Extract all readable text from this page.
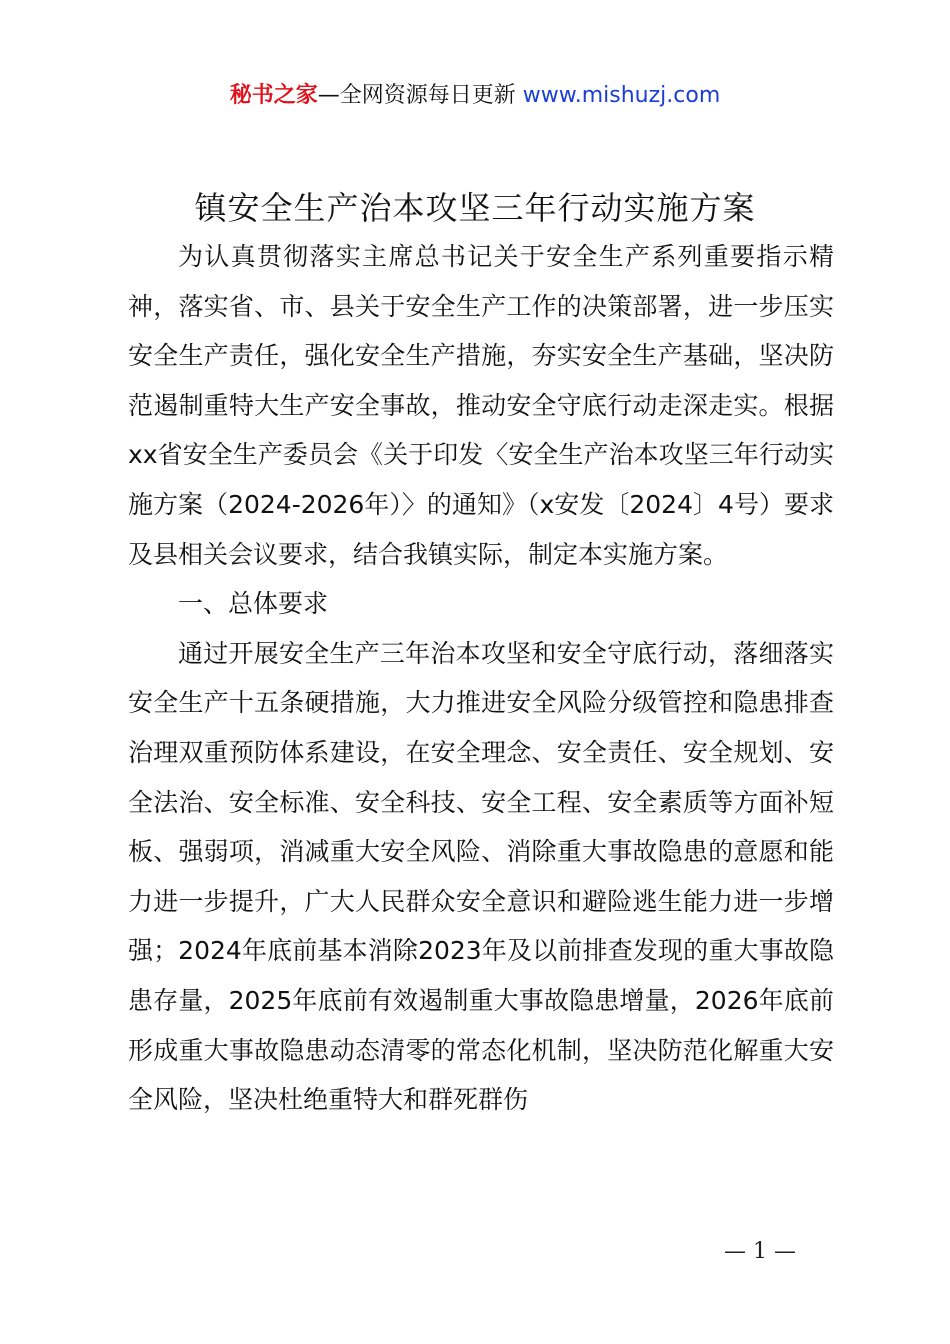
秘书之家—全网资源每日更新 www.mishuzj.com
镇安全生产治本攻坚三年行动实施方案

为认真贯彻落实主席总书记关于安全生产系列重要指示精神，落实省、市、县关于安全生产工作的决策部署，进一步压实安全生产责任，强化安全生产措施，夯实安全生产基础，坚决防范遏制重特大生产安全事故，推动安全守底行动走深走实。根据xx省安全生产委员会《关于印发〈安全生产治本攻坚三年行动实施方案（2024-2026年）〉的通知》（x安发〔2024〕4号）要求及县相关会议要求，结合我镇实际，制定本实施方案。

一、总体要求

通过开展安全生产三年治本攻坚和安全守底行动，落细落实安全生产十五条硬措施，大力推进安全风险分级管控和隐患排查治理双重预防体系建设，在安全理念、安全责任、安全规划、安全法治、安全标准、安全科技、安全工程、安全素质等方面补短板、强弱项，消减重大安全风险、消除重大事故隐患的意愿和能力进一步提升，广大人民群众安全意识和避险逃生能力进一步增强；2024年底前基本消除2023年及以前排查发现的重大事故隐患存量，2025年底前有效遏制重大事故隐患增量，2026年底前形成重大事故隐患动态清零的常态化机制，坚决防范化解重大安全风险，坚决杜绝重特大和群死群伤

— 1 —
